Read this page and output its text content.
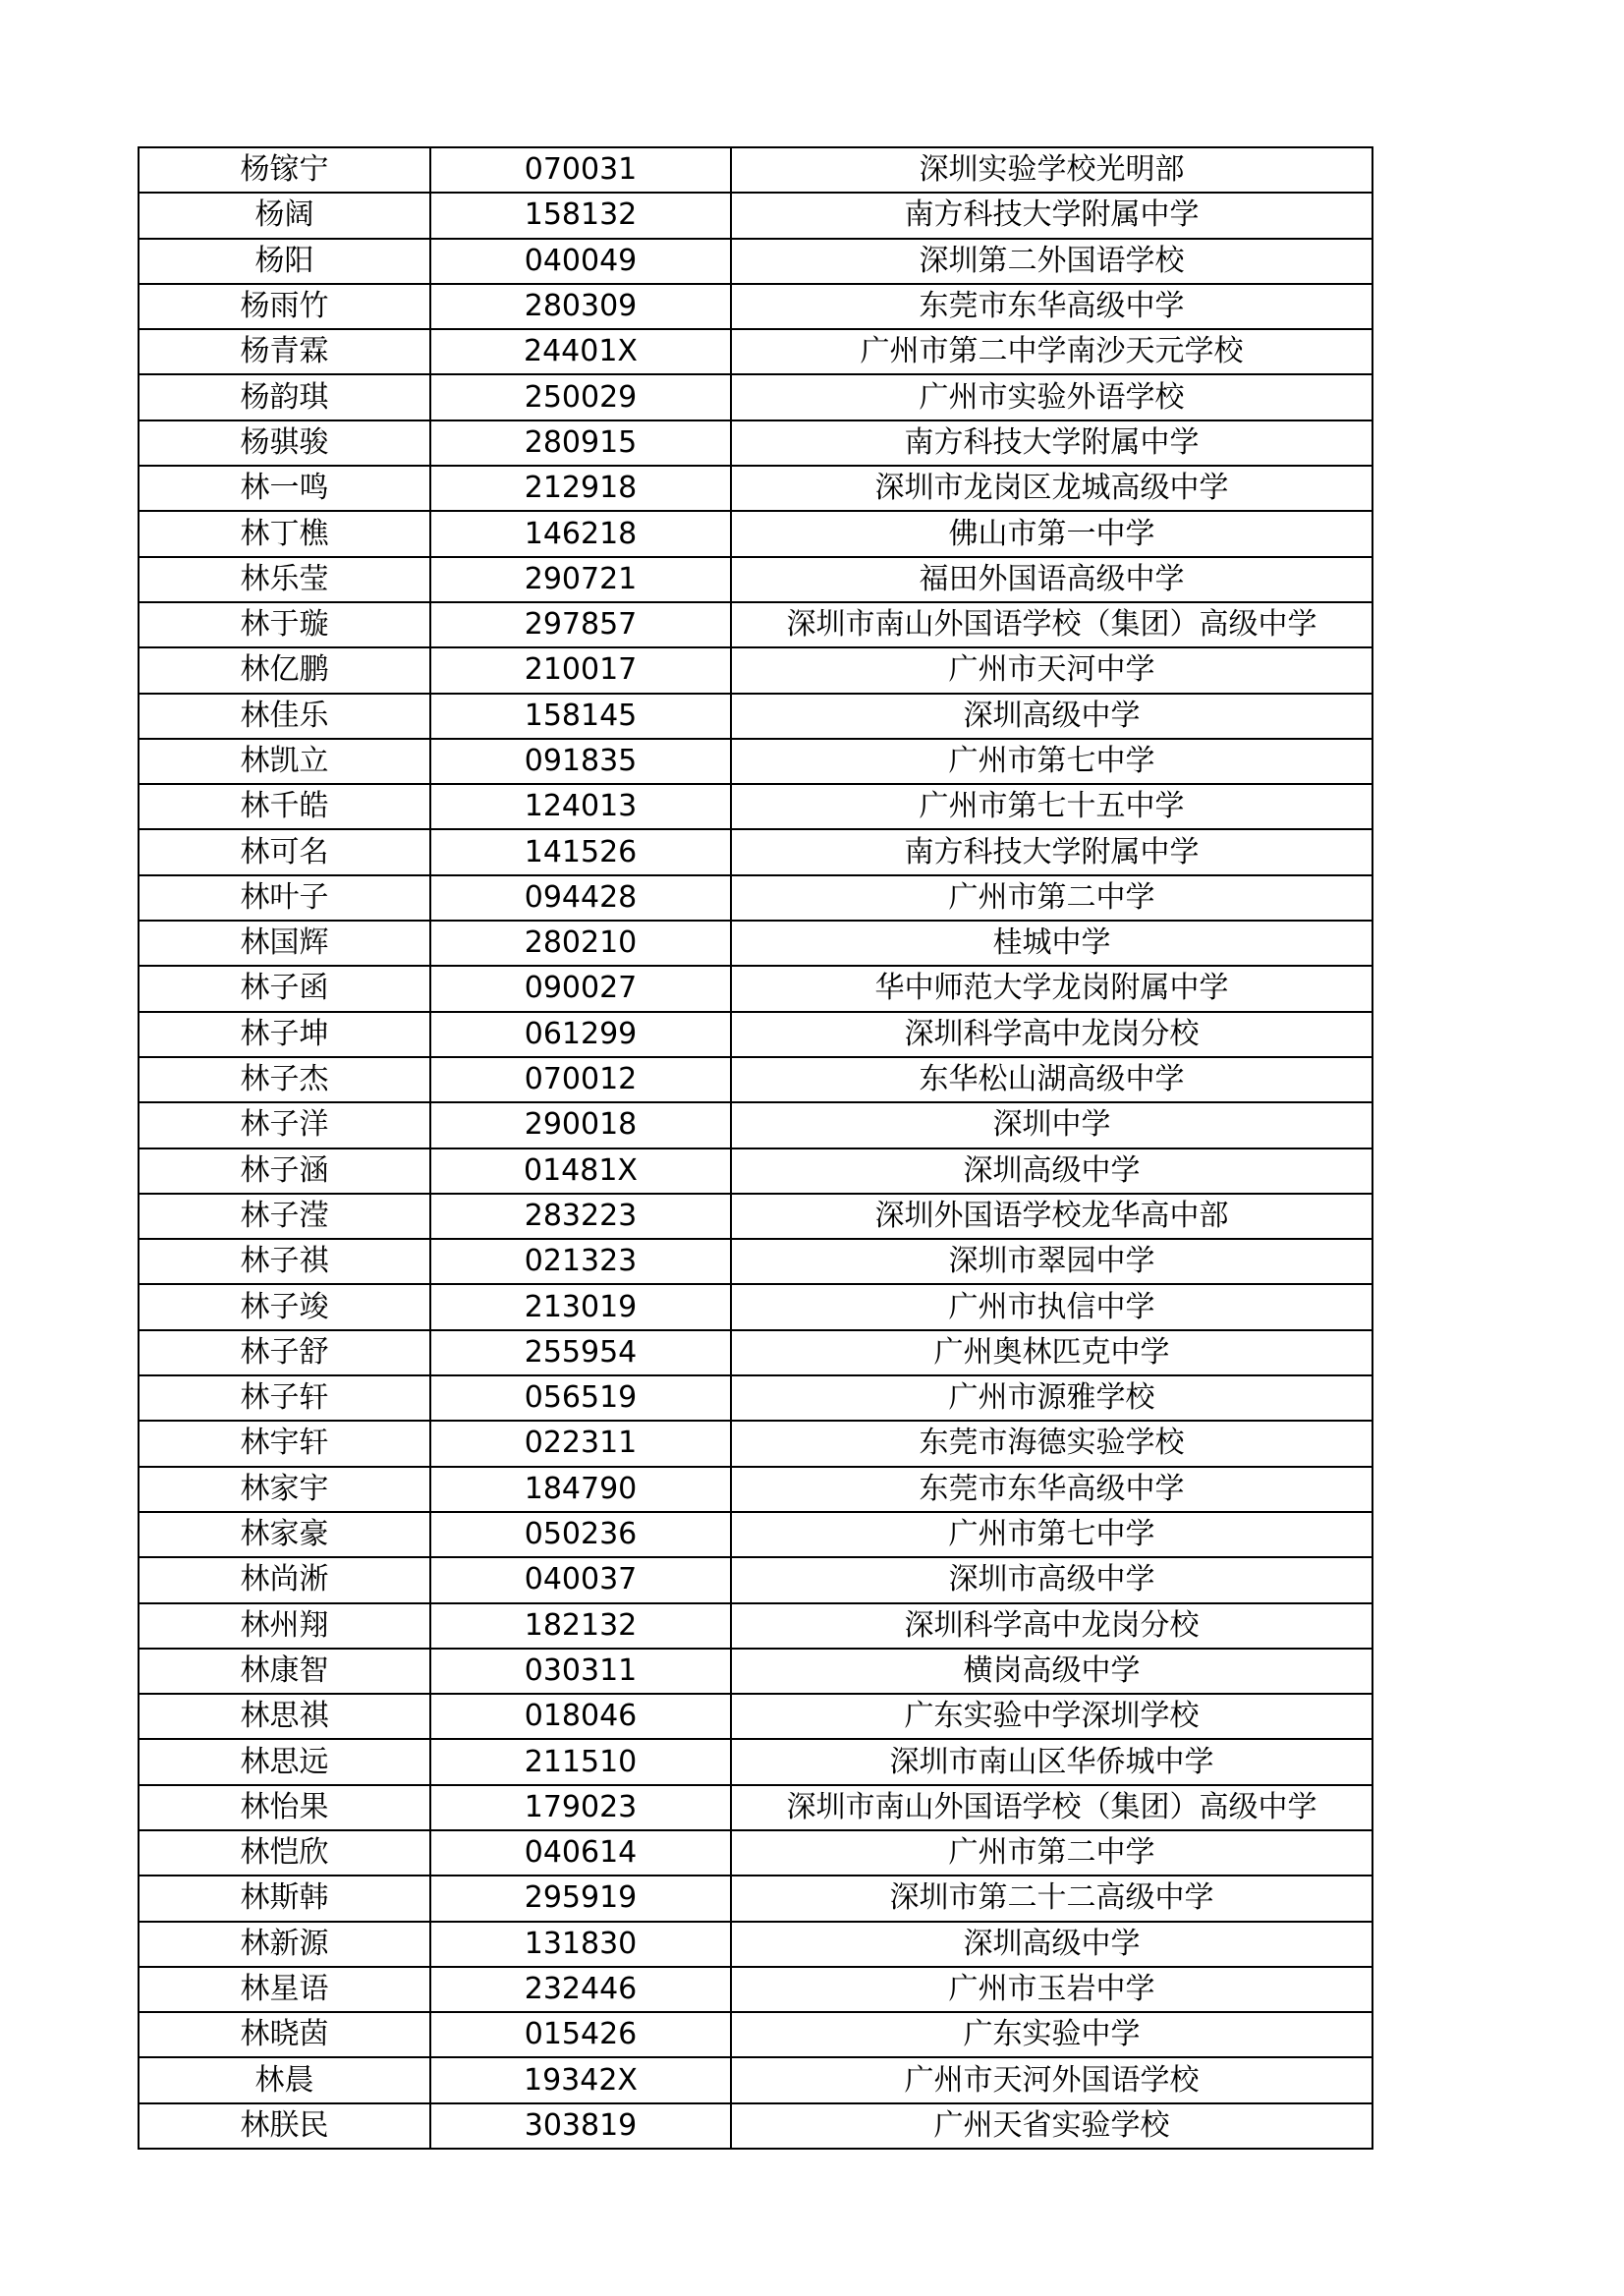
杨镓宁	070031	深圳实验学校光明部
杨阔	158132	南方科技大学附属中学
杨阳	040049	深圳第二外国语学校
杨雨竹	280309	东莞市东华高级中学
杨青霖	24401X	广州市第二中学南沙天元学校
杨韵琪	250029	广州市实验外语学校
杨骐骏	280915	南方科技大学附属中学
林一鸣	212918	深圳市龙岗区龙城高级中学
林丁樵	146218	佛山市第一中学
林乐莹	290721	福田外国语高级中学
林于璇	297857	深圳市南山外国语学校（集团）高级中学
林亿鹏	210017	广州市天河中学
林佳乐	158145	深圳高级中学
林凯立	091835	广州市第七中学
林千皓	124013	广州市第七十五中学
林可名	141526	南方科技大学附属中学
林叶子	094428	广州市第二中学
林国辉	280210	桂城中学
林子函	090027	华中师范大学龙岗附属中学
林子坤	061299	深圳科学高中龙岗分校
林子杰	070012	东华松山湖高级中学
林子洋	290018	深圳中学
林子涵	01481X	深圳高级中学
林子滢	283223	深圳外国语学校龙华高中部
林子祺	021323	深圳市翠园中学
林子竣	213019	广州市执信中学
林子舒	255954	广州奥林匹克中学
林子轩	056519	广州市源雅学校
林宇轩	022311	东莞市海德实验学校
林家宇	184790	东莞市东华高级中学
林家豪	050236	广州市第七中学
林尚淅	040037	深圳市高级中学
林州翔	182132	深圳科学高中龙岗分校
林康智	030311	横岗高级中学
林思祺	018046	广东实验中学深圳学校
林思远	211510	深圳市南山区华侨城中学
林怡果	179023	深圳市南山外国语学校（集团）高级中学
林恺欣	040614	广州市第二中学
林斯韩	295919	深圳市第二十二高级中学
林新源	131830	深圳高级中学
林星语	232446	广州市玉岩中学
林晓茵	015426	广东实验中学
林晨	19342X	广州市天河外国语学校
林朕民	303819	广州天省实验学校
